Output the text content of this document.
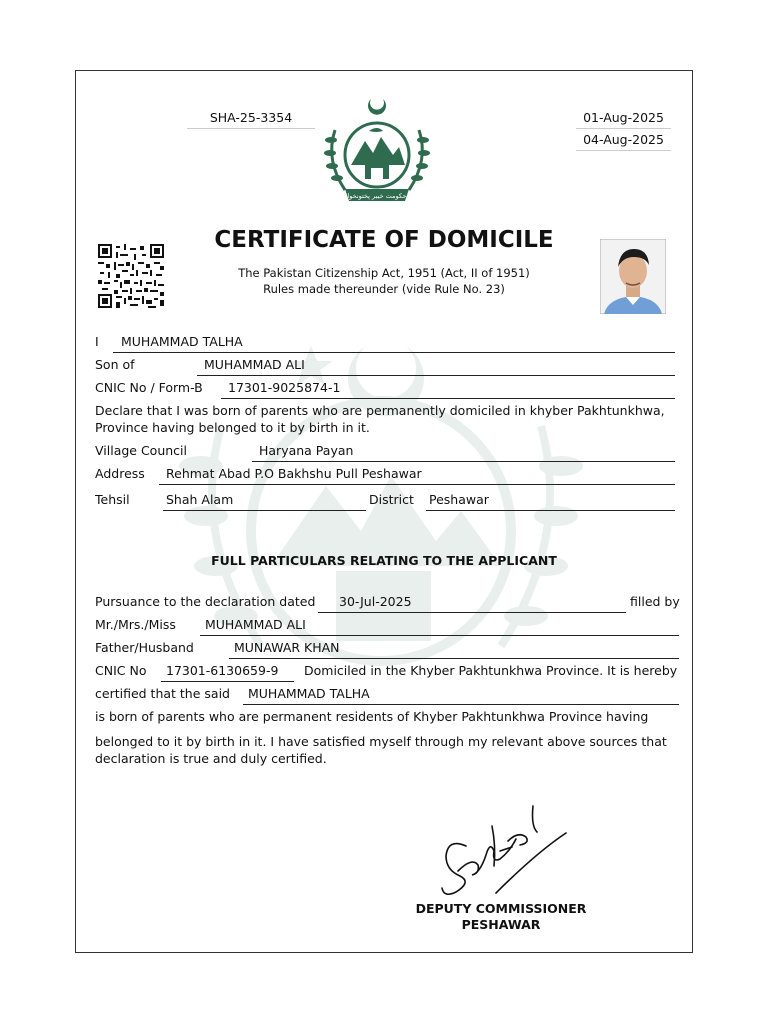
SHA-25-3354	01-Aug-2025
04-Aug-2025
حکومت خیبر پختونخوا
CERTIFICATE OF DOMICILE
The Pakistan Citizenship Act, 1951 (Act, II of 1951)
Rules made thereunder (vide Rule No. 23)
I MUHAMMAD TALHA
Son of	MUHAMMAD ALI
CNIC No / Form-B 17301-9025874-1
Declare that I was born of parents who are permanently domiciled in khyber Pakhtunkhwa,
Province having belonged to it by birth in it.
Village Council	Haryana Payan
Address Rehmat Abad P.O Bakhshu Pull Peshawar
Tehsil	Shah Alam	District Peshawar
FULL PARTICULARS RELATING TO THE APPLICANT
Pursuance to the declaration dated 30-Jul-2025	filled by
Mr./Mrs./Miss MUHAMMAD ALI
Father/Husband	MUNAWAR KHAN
CNIC No 17301-6130659-9 Domiciled in the Khyber Pakhtunkhwa Province. It is hereby
certified that the said MUHAMMAD TALHA
is born of parents who are permanent residents of Khyber Pakhtunkhwa Province having
belonged to it by birth in it. I have satisfied myself through my relevant above sources that
declaration is true and duly certified.
DEPUTY COMMISSIONER
PESHAWAR
